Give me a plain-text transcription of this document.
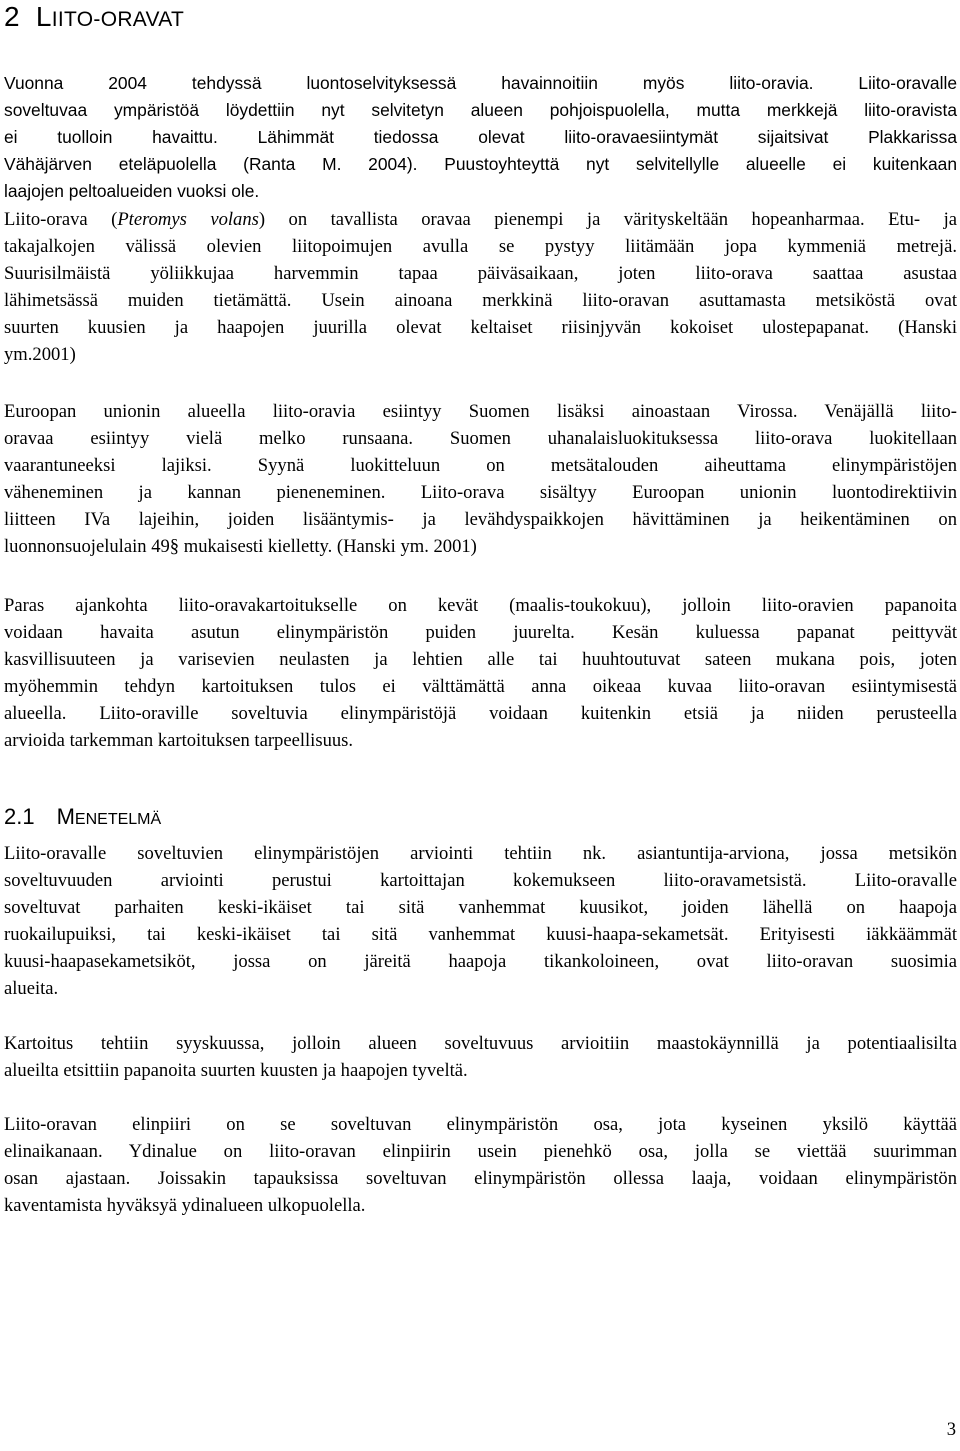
2 LIITO-ORAVAT
Vuonna 2004 tehdyssä luontoselvityksessä havainnoitiin myös liito-oravia. Liito-oravalle
soveltuvaa ympäristöä löydettiin nyt selvitetyn alueen pohjoispuolella, mutta merkkejä liito-oravista
ei tuolloin havaittu. Lähimmät tiedossa olevat liito-oravaesiintymät sijaitsivat Plakkarissa
Vähäjärven eteläpuolella (Ranta M. 2004). Puustoyhteyttä nyt selvitellylle alueelle ei kuitenkaan
laajojen peltoalueiden vuoksi ole.
Liito-orava (Pteromys volans) on tavallista oravaa pienempi ja värityskeltään hopeanharmaa. Etu- ja
takajalkojen välissä olevien liitopoimujen avulla se pystyy liitämään jopa kymmeniä metrejä.
Suurisilmäistä yöliikkujaa harvemmin tapaa päiväsaikaan, joten liito-orava saattaa asustaa
lähimetsässä muiden tietämättä. Usein ainoana merkkinä liito-oravan asuttamasta metsiköstä ovat
suurten kuusien ja haapojen juurilla olevat keltaiset riisinjyvän kokoiset ulostepapanat. (Hanski
ym.2001)
Euroopan unionin alueella liito-oravia esiintyy Suomen lisäksi ainoastaan Virossa. Venäjällä liito-
oravaa esiintyy vielä melko runsaana. Suomen uhanalaisluokituksessa liito-orava luokitellaan
vaarantuneeksi lajiksi. Syynä luokitteluun on metsätalouden aiheuttama elinympäristöjen
väheneminen ja kannan pieneneminen. Liito-orava sisältyy Euroopan unionin luontodirektiivin
liitteen IVa lajeihin, joiden lisääntymis- ja levähdyspaikkojen hävittäminen ja heikentäminen on
luonnonsuojelulain 49§ mukaisesti kielletty. (Hanski ym. 2001)
Paras ajankohta liito-oravakartoitukselle on kevät (maalis-toukokuu), jolloin liito-oravien papanoita
voidaan havaita asutun elinympäristön puiden juurelta. Kesän kuluessa papanat peittyvät
kasvillisuuteen ja varisevien neulasten ja lehtien alle tai huuhtoutuvat sateen mukana pois, joten
myöhemmin tehdyn kartoituksen tulos ei välttämättä anna oikeaa kuvaa liito-oravan esiintymisestä
alueella. Liito-oraville soveltuvia elinympäristöjä voidaan kuitenkin etsiä ja niiden perusteella
arvioida tarkemman kartoituksen tarpeellisuus.
2.1 MENETELMÄ
Liito-oravalle soveltuvien elinympäristöjen arviointi tehtiin nk. asiantuntija-arviona, jossa metsikön
soveltuvuuden arviointi perustui kartoittajan kokemukseen liito-oravametsistä. Liito-oravalle
soveltuvat parhaiten keski-ikäiset tai sitä vanhemmat kuusikot, joiden lähellä on haapoja
ruokailupuiksi, tai keski-ikäiset tai sitä vanhemmat kuusi-haapa-sekametsät. Erityisesti iäkkäämmät
kuusi-haapasekametsiköt, jossa on järeitä haapoja tikankoloineen, ovat liito-oravan suosimia
alueita.
Kartoitus tehtiin syyskuussa, jolloin alueen soveltuvuus arvioitiin maastokäynnillä ja potentiaalisilta
alueilta etsittiin papanoita suurten kuusten ja haapojen tyveltä.
Liito-oravan elinpiiri on se soveltuvan elinympäristön osa, jota kyseinen yksilö käyttää
elinaikanaan. Ydinalue on liito-oravan elinpiirin usein pienehkö osa, jolla se viettää suurimman
osan ajastaan. Joissakin tapauksissa soveltuvan elinympäristön ollessa laaja, voidaan elinympäristön
kaventamista hyväksyä ydinalueen ulkopuolella.
3
